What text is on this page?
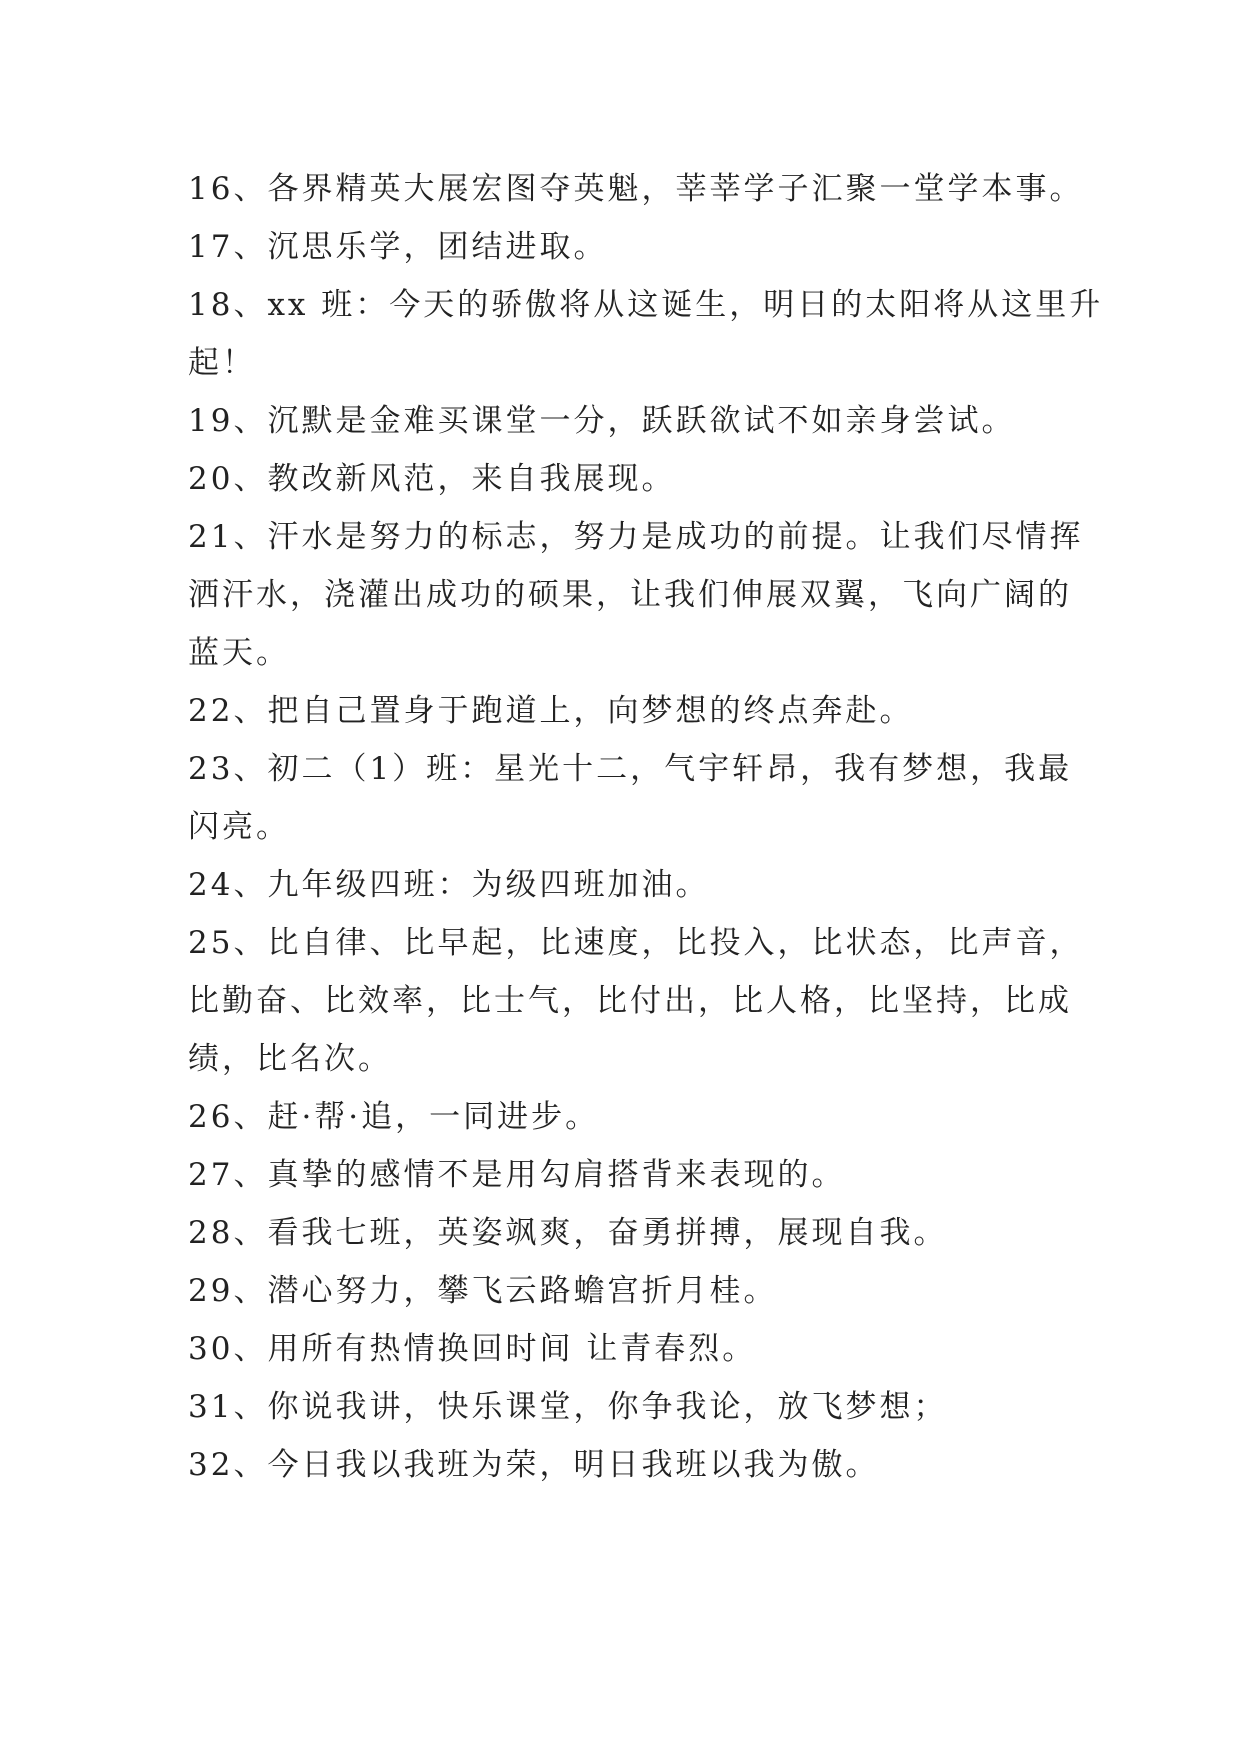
16、各界精英大展宏图夺英魁，莘莘学子汇聚一堂学本事。
17、沉思乐学，团结进取。
18、xx 班：今天的骄傲将从这诞生，明日的太阳将从这里升
起！
19、沉默是金难买课堂一分，跃跃欲试不如亲身尝试。
20、教改新风范，来自我展现。
21、汗水是努力的标志，努力是成功的前提。让我们尽情挥
洒汗水，浇灌出成功的硕果，让我们伸展双翼，飞向广阔的
蓝天。
22、把自己置身于跑道上，向梦想的终点奔赴。
23、初二（1）班：星光十二，气宇轩昂，我有梦想，我最
闪亮。
24、九年级四班：为级四班加油。
25、比自律、比早起，比速度，比投入，比状态，比声音，
比勤奋、比效率，比士气，比付出，比人格，比坚持，比成
绩，比名次。
26、赶·帮·追，一同进步。
27、真挚的感情不是用勾肩搭背来表现的。
28、看我七班，英姿飒爽，奋勇拼搏，展现自我。
29、潜心努力，攀飞云路蟾宫折月桂。
30、用所有热情换回时间 让青春烈。
31、你说我讲，快乐课堂，你争我论，放飞梦想；
32、今日我以我班为荣，明日我班以我为傲。
